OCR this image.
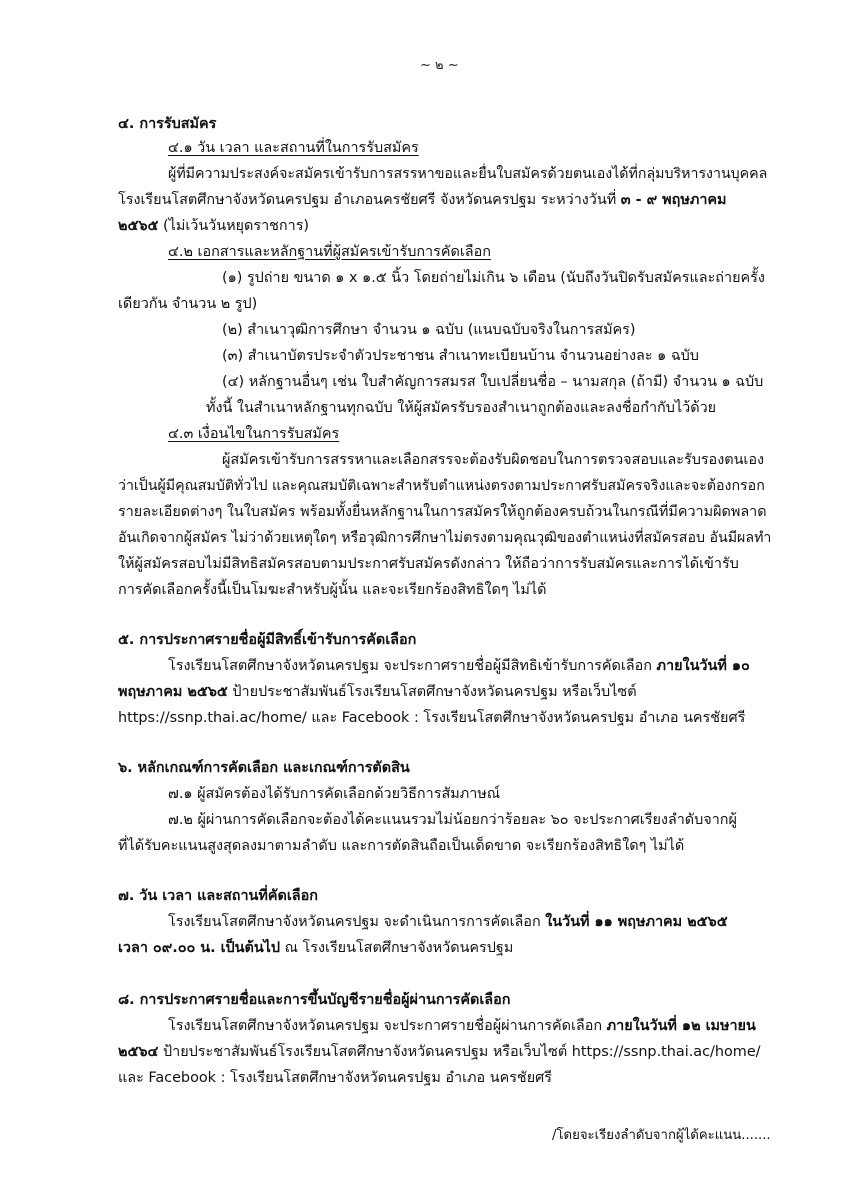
~ ๒ ~
๔. การรับสมัคร
๔.๑ วัน เวลา และสถานที่ในการรับสมัคร
ผู้ที่มีความประสงค์จะสมัครเข้ารับการสรรหาขอและยื่นใบสมัครด้วยตนเองได้ที่กลุ่มบริหารงานบุคคล
โรงเรียนโสตศึกษาจังหวัดนครปฐม อำเภอนครชัยศรี จังหวัดนครปฐม ระหว่างวันที่ ๓ - ๙ พฤษภาคม
๒๕๖๕ (ไม่เว้นวันหยุดราชการ)
๔.๒ เอกสารและหลักฐานที่ผู้สมัครเข้ารับการคัดเลือก
(๑) รูปถ่าย ขนาด ๑ x ๑.๕ นิ้ว โดยถ่ายไม่เกิน ๖ เดือน (นับถึงวันปิดรับสมัครและถ่ายครั้ง
เดียวกัน จำนวน ๒ รูป)
(๒) สำเนาวุฒิการศึกษา จำนวน ๑ ฉบับ (แนบฉบับจริงในการสมัคร)
(๓) สำเนาบัตรประจำตัวประชาชน สำเนาทะเบียนบ้าน จำนวนอย่างละ ๑ ฉบับ
(๔) หลักฐานอื่นๆ เช่น ใบสำคัญการสมรส ใบเปลี่ยนชื่อ – นามสกุล (ถ้ามี) จำนวน ๑ ฉบับ
ทั้งนี้ ในสำเนาหลักฐานทุกฉบับ ให้ผู้สมัครรับรองสำเนาถูกต้องและลงชื่อกำกับไว้ด้วย
๔.๓ เงื่อนไขในการรับสมัคร
ผู้สมัครเข้ารับการสรรหาและเลือกสรรจะต้องรับผิดชอบในการตรวจสอบและรับรองตนเอง
ว่าเป็นผู้มีคุณสมบัติทั่วไป และคุณสมบัติเฉพาะสำหรับตำแหน่งตรงตามประกาศรับสมัครจริงและจะต้องกรอก
รายละเอียดต่างๆ ในใบสมัคร พร้อมทั้งยื่นหลักฐานในการสมัครให้ถูกต้องครบถ้วนในกรณีที่มีความผิดพลาด
อันเกิดจากผู้สมัคร ไม่ว่าด้วยเหตุใดๆ หรือวุฒิการศึกษาไม่ตรงตามคุณวุฒิของตำแหน่งที่สมัครสอบ อันมีผลทำ
ให้ผู้สมัครสอบไม่มีสิทธิสมัครสอบตามประกาศรับสมัครดังกล่าว ให้ถือว่าการรับสมัครและการได้เข้ารับ
การคัดเลือกครั้งนี้เป็นโมฆะสำหรับผู้นั้น และจะเรียกร้องสิทธิใดๆ ไม่ได้
๕. การประกาศรายชื่อผู้มีสิทธิ์เข้ารับการคัดเลือก
โรงเรียนโสตศึกษาจังหวัดนครปฐม จะประกาศรายชื่อผู้มีสิทธิเข้ารับการคัดเลือก ภายในวันที่ ๑๐
พฤษภาคม ๒๕๖๕ ป้ายประชาสัมพันธ์โรงเรียนโสตศึกษาจังหวัดนครปฐม หรือเว็บไซต์
https://ssnp.thai.ac/home/ และ Facebook : โรงเรียนโสตศึกษาจังหวัดนครปฐม อำเภอ นครชัยศรี
๖. หลักเกณฑ์การคัดเลือก และเกณฑ์การตัดสิน
๗.๑ ผู้สมัครต้องได้รับการคัดเลือกด้วยวิธีการสัมภาษณ์
๗.๒ ผู้ผ่านการคัดเลือกจะต้องได้คะแนนรวมไม่น้อยกว่าร้อยละ ๖๐ จะประกาศเรียงลำดับจากผู้
ที่ได้รับคะแนนสูงสุดลงมาตามลำดับ และการตัดสินถือเป็นเด็ดขาด จะเรียกร้องสิทธิใดๆ ไม่ได้
๗. วัน เวลา และสถานที่คัดเลือก
โรงเรียนโสตศึกษาจังหวัดนครปฐม จะดำเนินการการคัดเลือก ในวันที่ ๑๑ พฤษภาคม ๒๕๖๕
เวลา ๐๙.๐๐ น. เป็นต้นไป ณ โรงเรียนโสตศึกษาจังหวัดนครปฐม
๘. การประกาศรายชื่อและการขึ้นบัญชีรายชื่อผู้ผ่านการคัดเลือก
โรงเรียนโสตศึกษาจังหวัดนครปฐม จะประกาศรายชื่อผู้ผ่านการคัดเลือก ภายในวันที่ ๑๒ เมษายน
๒๕๖๔ ป้ายประชาสัมพันธ์โรงเรียนโสตศึกษาจังหวัดนครปฐม หรือเว็บไซต์ https://ssnp.thai.ac/home/
และ Facebook : โรงเรียนโสตศึกษาจังหวัดนครปฐม อำเภอ นครชัยศรี
/โดยจะเรียงลำดับจากผู้ได้คะแนน.......
